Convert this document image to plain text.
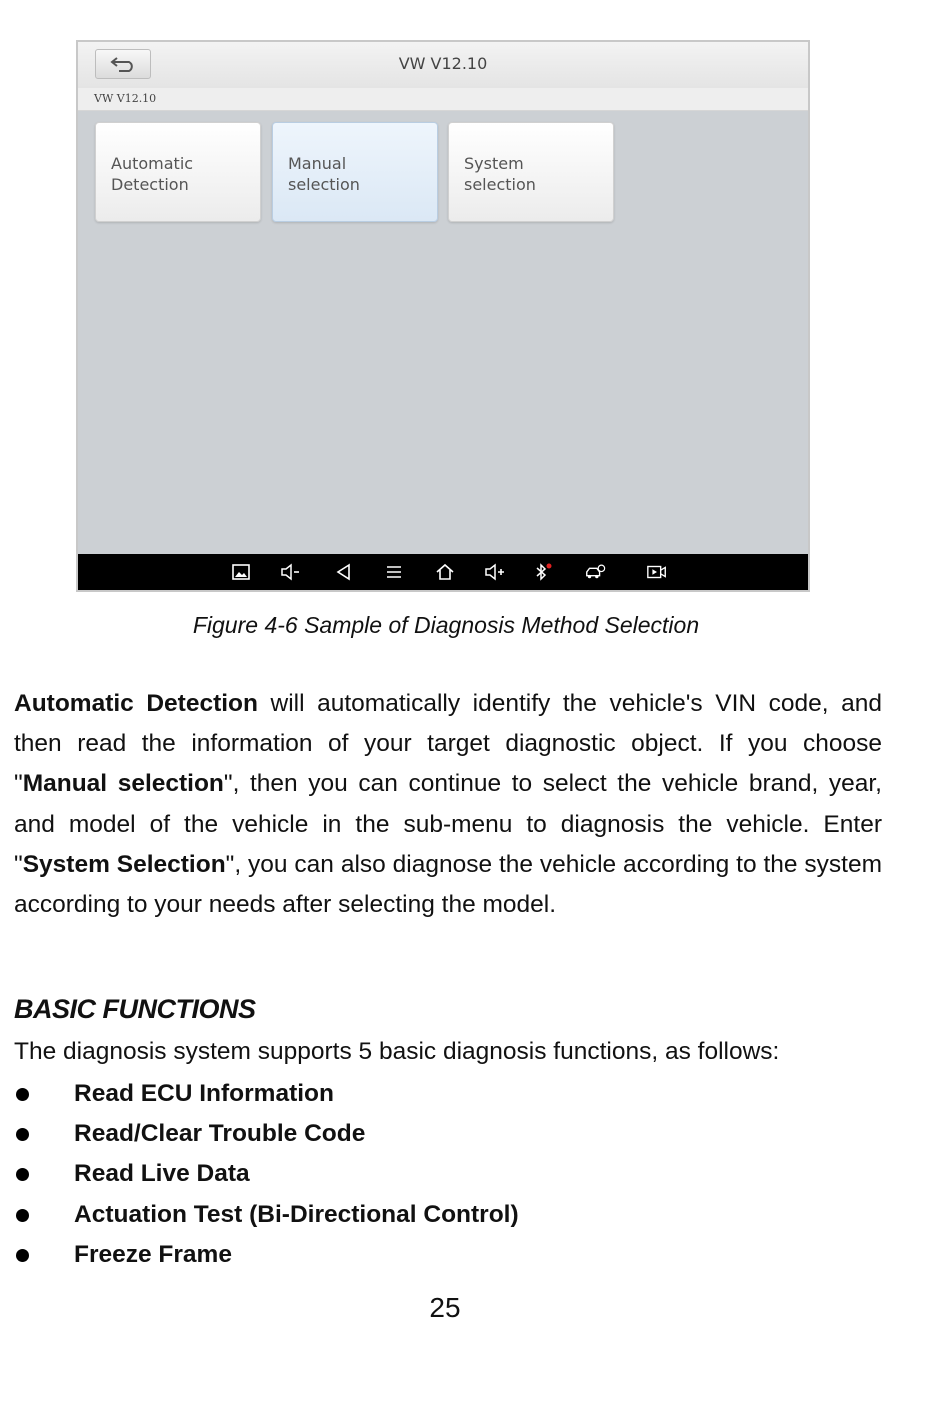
VW V12.10
VW V12.10
Automatic
Detection
Manual
selection
System
selection
Figure 4-6 Sample of Diagnosis Method Selection

Automatic Detection will automatically identify the vehicle's VIN code, and then read the information of your target diagnostic object. If you choose "Manual selection", then you can continue to select the vehicle brand, year, and model of the vehicle in the sub-menu to diagnosis the vehicle. Enter "System Selection", you can also diagnose the vehicle according to the system according to your needs after selecting the model.

BASIC FUNCTIONS

The diagnosis system supports 5 basic diagnosis functions, as follows:

Read ECU Information
Read/Clear Trouble Code
Read Live Data
Actuation Test (Bi-Directional Control)
Freeze Frame
25
